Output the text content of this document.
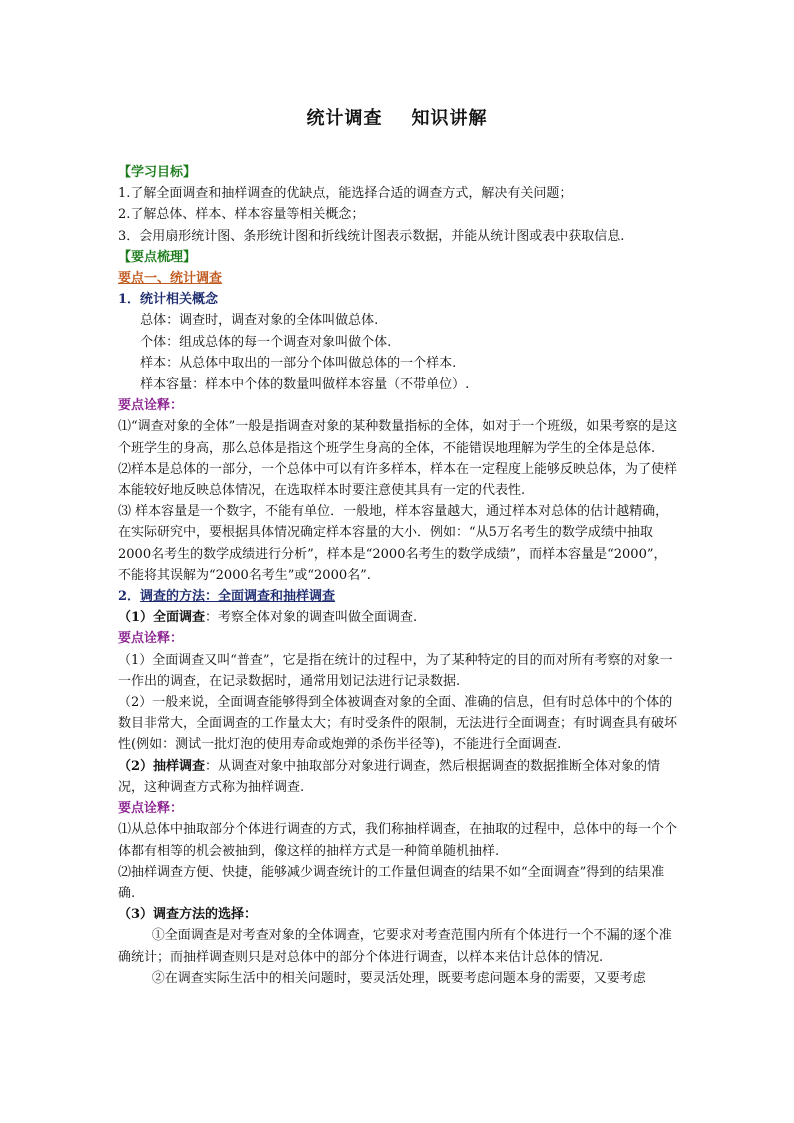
统计调查    知识讲解

【学习目标】

1.了解全面调查和抽样调查的优缺点，能选择合适的调查方式，解决有关问题；

2.了解总体、样本、样本容量等相关概念；

3．会用扇形统计图、条形统计图和折线统计图表示数据，并能从统计图或表中获取信息.

【要点梳理】

要点一、统计调查

1．统计相关概念

总体：调查时，调查对象的全体叫做总体.

个体：组成总体的每一个调查对象叫做个体.

样本：从总体中取出的一部分个体叫做总体的一个样本.

样本容量：样本中个体的数量叫做样本容量（不带单位）.

要点诠释：

⑴“调查对象的全体”一般是指调查对象的某种数量指标的全体，如对于一个班级，如果考察的是这个班学生的身高，那么总体是指这个班学生身高的全体，不能错误地理解为学生的全体是总体.

⑵样本是总体的一部分，一个总体中可以有许多样本，样本在一定程度上能够反映总体，为了使样本能较好地反映总体情况，在选取样本时要注意使其具有一定的代表性.

⑶ 样本容量是一个数字，不能有单位．一般地，样本容量越大，通过样本对总体的估计越精确，在实际研究中，要根据具体情况确定样本容量的大小．例如：“从5万名考生的数学成绩中抽取2000名考生的数学成绩进行分析”，样本是“2000名考生的数学成绩”，而样本容量是“2000”，不能将其误解为“2000名考生”或“2000名”.

2．调查的方法：全面调查和抽样调查

（1）全面调查：考察全体对象的调查叫做全面调查.

要点诠释：

（1）全面调查又叫“普查”，它是指在统计的过程中，为了某种特定的目的而对所有考察的对象一一作出的调查，在记录数据时，通常用划记法进行记录数据.

（2）一般来说，全面调查能够得到全体被调查对象的全面、准确的信息，但有时总体中的个体的数目非常大，全面调查的工作量太大；有时受条件的限制，无法进行全面调查；有时调查具有破坏性(例如：测试一批灯泡的使用寿命或炮弹的杀伤半径等)，不能进行全面调查.

（2）抽样调查：从调查对象中抽取部分对象进行调查，然后根据调查的数据推断全体对象的情况，这种调查方式称为抽样调查.

要点诠释：

⑴从总体中抽取部分个体进行调查的方式，我们称抽样调查，在抽取的过程中，总体中的每一个个体都有相等的机会被抽到，像这样的抽样方式是一种简单随机抽样.

⑵抽样调查方便、快捷，能够减少调查统计的工作量但调查的结果不如“全面调查”得到的结果准确.

（3）调查方法的选择：

①全面调查是对考查对象的全体调查，它要求对考查范围内所有个体进行一个不漏的逐个准确统计；而抽样调查则只是对总体中的部分个体进行调查，以样本来估计总体的情况.

②在调查实际生活中的相关问题时，要灵活处理，既要考虑问题本身的需要，又要考虑
